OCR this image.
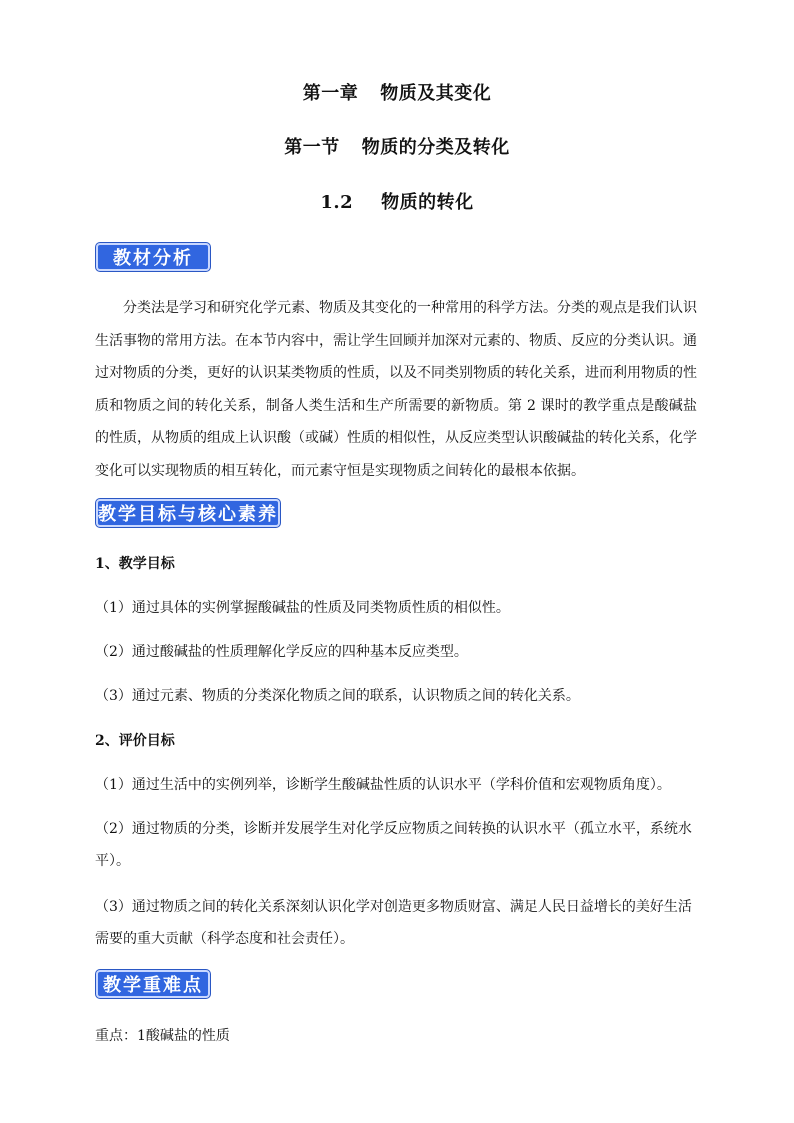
第一章 物质及其变化
第一节 物质的分类及转化
1.2 物质的转化
教材分析
分类法是学习和研究化学元素、物质及其变化的一种常用的科学方法。分类的观点是我们认识生活事物的常用方法。在本节内容中，需让学生回顾并加深对元素的、物质、反应的分类认识。通过对物质的分类，更好的认识某类物质的性质，以及不同类别物质的转化关系，进而利用物质的性质和物质之间的转化关系，制备人类生活和生产所需要的新物质。第 2 课时的教学重点是酸碱盐的性质，从物质的组成上认识酸（或碱）性质的相似性，从反应类型认识酸碱盐的转化关系，化学变化可以实现物质的相互转化，而元素守恒是实现物质之间转化的最根本依据。
教学目标与核心素养
1、教学目标
（1）通过具体的实例掌握酸碱盐的性质及同类物质性质的相似性。
（2）通过酸碱盐的性质理解化学反应的四种基本反应类型。
（3）通过元素、物质的分类深化物质之间的联系，认识物质之间的转化关系。
2、评价目标
（1）通过生活中的实例列举，诊断学生酸碱盐性质的认识水平（学科价值和宏观物质角度）。
（2）通过物质的分类，诊断并发展学生对化学反应物质之间转换的认识水平（孤立水平，系统水平）。
（3）通过物质之间的转化关系深刻认识化学对创造更多物质财富、满足人民日益增长的美好生活需要的重大贡献（科学态度和社会责任）。
教学重难点
重点：1酸碱盐的性质
